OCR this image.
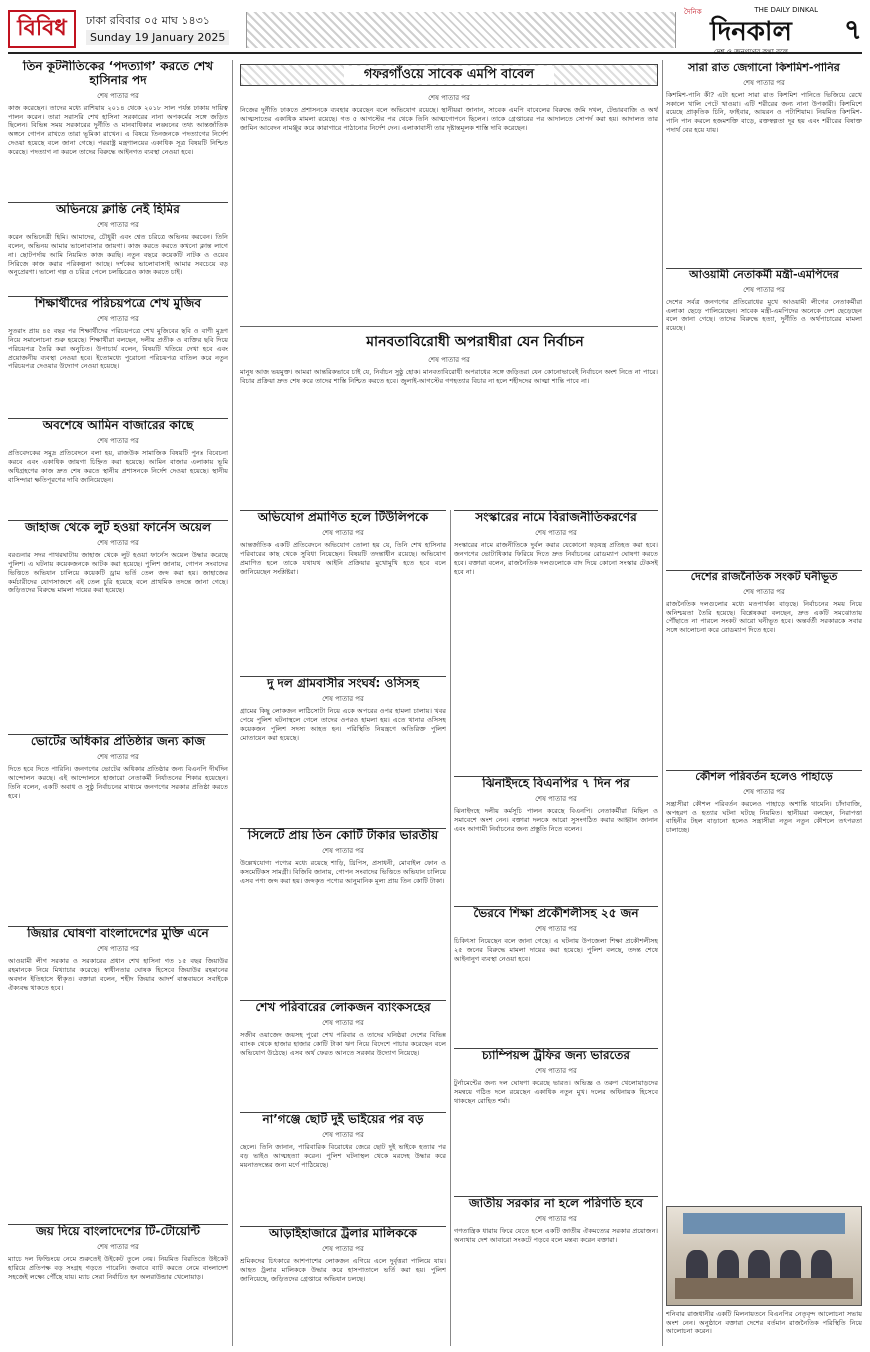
বিবিধ	ঢাকা রবিবার ০৫ মাঘ ১৪৩১
Sunday 19 January 2025
দৈনিক	THE DAILY DINKAL
দিনকাল
দেশ ও জনগণের কথা বলে
৭
তিন কূটনীতিকের ‘পদত্যাগ’ করতে শেখ হাসিনার পদ
শেষ পাতার পর

কাজ করেছেন। তাদের মধ্যে রাশিয়ায় ২০১৪ থেকে ২০১৮ সাল পর্যন্ত ঢাকায় দায়িত্ব পালন করেন। তারা সরাসরি শেখ হাসিনা সরকারের নানা অপকর্মের সঙ্গে জড়িত ছিলেন। বিভিন্ন সময় সরকারের দুর্নীতি ও মানবাধিকার লঙ্ঘনের তথ্য আন্তর্জাতিক অঙ্গনে গোপন রাখতে তারা ভূমিকা রাখেন। এ বিষয়ে তিনজনকে পদত্যাগের নির্দেশ দেওয়া হয়েছে বলে জানা গেছে। পররাষ্ট্র মন্ত্রণালয়ের একাধিক সূত্র বিষয়টি নিশ্চিত করেছে। পদত্যাগ না করলে তাদের বিরুদ্ধে আইনগত ব্যবস্থা নেওয়া হবে।

অভিনয়ে ক্লান্তি নেই হিমির
শেষ পাতার পর

করেন অভিনেত্রী হিমি। আমাদের, চৌধুরী এবং শ্বেত চরিত্রে অভিনয় করবেন। তিনি বলেন, অভিনয় আমার ভালোবাসার জায়গা। কাজ করতে করতে কখনো ক্লান্ত লাগে না। ছোটপর্দায় আমি নিয়মিত কাজ করছি। নতুন বছরে কয়েকটি নাটক ও ওয়েব সিরিজে কাজ করার পরিকল্পনা আছে। দর্শকের ভালোবাসাই আমার সবচেয়ে বড় অনুপ্রেরণা। ভালো গল্প ও চরিত্র পেলে চলচ্চিত্রেও কাজ করতে চাই।

শিক্ষার্থীদের পরিচয়পত্রে শেখ মুজিব
শেষ পাতার পর

সুতরাং প্রায় ৪৫ বছর পর শিক্ষার্থীদের পরিচয়পত্রে শেখ মুজিবের ছবি ও বাণী মুদ্রণ নিয়ে সমালোচনা শুরু হয়েছে। শিক্ষার্থীরা বলছেন, দলীয় প্রতীক ও ব্যক্তির ছবি দিয়ে পরিচয়পত্র তৈরি করা অনুচিত। উপাচার্য বলেন, বিষয়টি খতিয়ে দেখা হবে এবং প্রয়োজনীয় ব্যবস্থা নেওয়া হবে। ইতোমধ্যে পুরোনো পরিচয়পত্র বাতিল করে নতুন পরিচয়পত্র দেওয়ার উদ্যোগ নেওয়া হয়েছে।

অবশেষে আমিন বাজারের কাছে
শেষ পাতার পর

প্রতিবেদকের সমুদ্র প্রতিবেদনে বলা হয়, রাজউক সামাজিক বিষয়টি পুনঃ বিবেচনা করবে এবং একাধিক জায়গা চিহ্নিত করা হয়েছে। আমিন বাজার এলাকায় ভূমি অধিগ্রহণের কাজ দ্রুত শেষ করতে স্থানীয় প্রশাসনকে নির্দেশ দেওয়া হয়েছে। স্থানীয় বাসিন্দারা ক্ষতিপূরণের দাবি জানিয়েছেন।

জাহাজ থেকে লুট হওয়া ফার্নেস অয়েল
শেষ পাতার পর

বরগুনার সদর পাথরঘাটায় জাহাজ থেকে লুট হওয়া ফার্নেস অয়েল উদ্ধার করেছে পুলিশ। এ ঘটনায় কয়েকজনকে আটক করা হয়েছে। পুলিশ জানায়, গোপন সংবাদের ভিত্তিতে অভিযান চালিয়ে কয়েকটি ড্রাম ভর্তি তেল জব্দ করা হয়। জাহাজের কর্মচারীদের যোগসাজশে এই তেল চুরি হয়েছে বলে প্রাথমিক তদন্তে জানা গেছে। জড়িতদের বিরুদ্ধে মামলা দায়ের করা হয়েছে।

ভোটের অধিকার প্রতিষ্ঠার জন্য কাজ
শেষ পাতার পর

দিতে হবে দিতে পারিনি। জনগণের ভোটের অধিকার প্রতিষ্ঠার জন্য বিএনপি দীর্ঘদিন আন্দোলন করছে। এই আন্দোলনে হাজারো নেতাকর্মী নির্যাতনের শিকার হয়েছেন। তিনি বলেন, একটি অবাধ ও সুষ্ঠু নির্বাচনের মাধ্যমে জনগণের সরকার প্রতিষ্ঠা করতে হবে।

জিয়ার ঘোষণা বাংলাদেশের মুক্তি এনে
শেষ পাতার পর

আওয়ামী লীগ সরকার ও সরকারের প্রধান শেখ হাসিনা গত ১৫ বছর জিয়াউর রহমানকে নিয়ে মিথ্যাচার করেছে। স্বাধীনতার ঘোষক হিসেবে জিয়াউর রহমানের অবদান ইতিহাসে স্বীকৃত। বক্তারা বলেন, শহীদ জিয়ার আদর্শ বাস্তবায়নে সবাইকে ঐক্যবদ্ধ থাকতে হবে।

জয় দিয়ে বাংলাদেশের টি-টোয়েন্টি
শেষ পাতার পর

ম্যাচে দল ফিল্ডিংয়ে নেমে শুরুতেই উইকেট তুলে নেয়। নিয়মিত বিরতিতে উইকেট হারিয়ে প্রতিপক্ষ বড় সংগ্রহ গড়তে পারেনি। জবাবে ব্যাট করতে নেমে বাংলাদেশ সহজেই লক্ষ্যে পৌঁছে যায়। ম্যাচ সেরা নির্বাচিত হন অলরাউন্ডার খেলোয়াড়।

গফরগাঁওয়ে সাবেক এমপি বাবেল
শেষ পাতার পর

নিজের দুর্নীতি ঢাকতে প্রশাসনকে ব্যবহার করেছেন বলে অভিযোগ রয়েছে। স্থানীয়রা জানান, সাবেক এমপি বাবেলের বিরুদ্ধে জমি দখল, টেন্ডারবাজি ও অর্থ আত্মসাতের একাধিক মামলা রয়েছে। গত ৫ আগস্টের পর থেকে তিনি আত্মগোপনে ছিলেন। তাকে গ্রেপ্তারের পর আদালতে সোপর্দ করা হয়। আদালত তার জামিন আবেদন নামঞ্জুর করে কারাগারে পাঠানোর নির্দেশ দেন। এলাকাবাসী তার দৃষ্টান্তমূলক শাস্তি দাবি করেছেন।

মানবতাবিরোধী অপরাধীরা যেন নির্বাচন
শেষ পাতার পর

মানুষ আজ ভয়মুক্ত। আমরা আন্তরিকভাবে চাই যে, নির্বাচন সুষ্ঠু হোক। মানবতাবিরোধী অপরাধের সঙ্গে জড়িতরা যেন কোনোভাবেই নির্বাচনে অংশ নিতে না পারে। বিচার প্রক্রিয়া দ্রুত শেষ করে তাদের শাস্তি নিশ্চিত করতে হবে। জুলাই-আগস্টের গণহত্যার বিচার না হলে শহীদদের আত্মা শান্তি পাবে না।

অভিযোগ প্রমাণিত হলে টিউলিপকে
শেষ পাতার পর

আন্তর্জাতিক একটি প্রতিবেদনে অভিযোগ তোলা হয় যে, তিনি শেখ হাসিনার পরিবারের কাছ থেকে সুবিধা নিয়েছেন। বিষয়টি তদন্তাধীন রয়েছে। অভিযোগ প্রমাণিত হলে তাকে যথাযথ আইনি প্রক্রিয়ার মুখোমুখি হতে হবে বলে জানিয়েছেন সংশ্লিষ্টরা।

দু দল গ্রামবাসীর সংঘর্ষ: ওসিসহ
শেষ পাতার পর

গ্রামের কিছু লোকজন লাঠিসোটা নিয়ে একে অপরের ওপর হামলা চালায়। খবর পেয়ে পুলিশ ঘটনাস্থলে গেলে তাদের ওপরও হামলা হয়। এতে থানার ওসিসহ কয়েকজন পুলিশ সদস্য আহত হন। পরিস্থিতি নিয়ন্ত্রণে অতিরিক্ত পুলিশ মোতায়েন করা হয়েছে।

সিলেটে প্রায় তিন কোটি টাকার ভারতীয়
শেষ পাতার পর

উল্লেখযোগ্য পণ্যের মধ্যে রয়েছে শাড়ি, থ্রিপিস, প্রসাধনী, মোবাইল ফোন ও কসমেটিকস সামগ্রী। বিজিবি জানায়, গোপন সংবাদের ভিত্তিতে অভিযান চালিয়ে এসব পণ্য জব্দ করা হয়। জব্দকৃত পণ্যের আনুমানিক মূল্য প্রায় তিন কোটি টাকা।

শেখ পরিবারের লোকজন ব্যাংকসহের
শেষ পাতার পর

সজীব ওয়াজেদ জয়সহ পুরো শেখ পরিবার ও তাদের ঘনিষ্ঠরা দেশের বিভিন্ন ব্যাংক থেকে হাজার হাজার কোটি টাকা ঋণ নিয়ে বিদেশে পাচার করেছেন বলে অভিযোগ উঠেছে। এসব অর্থ ফেরত আনতে সরকার উদ্যোগ নিয়েছে।

না’গঞ্জে ছোট দুই ভাইয়ের পর বড়
শেষ পাতার পর

ছেলে। তিনি জানান, পারিবারিক বিরোধের জেরে ছোট দুই ভাইকে হত্যার পর বড় ভাইও আত্মহত্যা করেন। পুলিশ ঘটনাস্থল থেকে মরদেহ উদ্ধার করে ময়নাতদন্তের জন্য মর্গে পাঠিয়েছে।

আড়াইহাজারে ট্রলার মালিককে
শেষ পাতার পর

শ্রমিকদের চিৎকারে আশপাশের লোকজন এগিয়ে এলে দুর্বৃত্তরা পালিয়ে যায়। আহত ট্রলার মালিককে উদ্ধার করে হাসপাতালে ভর্তি করা হয়। পুলিশ জানিয়েছে, জড়িতদের গ্রেপ্তারে অভিযান চলছে।

সংস্কারের নামে বিরাজনীতিকরণের
শেষ পাতার পর

সংস্কারের নামে রাজনীতিকে দুর্বল করার যেকোনো ষড়যন্ত্র প্রতিহত করা হবে। জনগণের ভোটাধিকার ফিরিয়ে দিতে দ্রুত নির্বাচনের রোডম্যাপ ঘোষণা করতে হবে। বক্তারা বলেন, রাজনৈতিক দলগুলোকে বাদ দিয়ে কোনো সংস্কার টেকসই হবে না।

ঝিনাইদহে বিএনপির ৭ দিন পর
শেষ পাতার পর

ঝিনাইদহে দলীয় কর্মসূচি পালন করেছে বিএনপি। নেতাকর্মীরা মিছিল ও সমাবেশে অংশ নেন। বক্তারা দলকে আরো সুসংগঠিত করার আহ্বান জানান এবং আগামী নির্বাচনের জন্য প্রস্তুতি নিতে বলেন।

ভৈরবে শিক্ষা প্রকৌশলীসহ ২৫ জন
শেষ পাতার পর

চিকিৎসা নিয়েছেন বলে জানা গেছে। এ ঘটনায় উপজেলা শিক্ষা প্রকৌশলীসহ ২৫ জনের বিরুদ্ধে মামলা দায়ের করা হয়েছে। পুলিশ বলছে, তদন্ত শেষে আইনানুগ ব্যবস্থা নেওয়া হবে।

চ্যাম্পিয়ন্স ট্রফির জন্য ভারতের
শেষ পাতার পর

টুর্নামেন্টের জন্য দল ঘোষণা করেছে ভারত। অভিজ্ঞ ও তরুণ খেলোয়াড়দের সমন্বয়ে গঠিত দলে রয়েছেন একাধিক নতুন মুখ। দলের অধিনায়ক হিসেবে থাকছেন রোহিত শর্মা।

জাতীয় সরকার না হলে পরিণতি হবে
শেষ পাতার পর

গণতান্ত্রিক ধারায় ফিরে যেতে হলে একটি জাতীয় ঐকমত্যের সরকার প্রয়োজন। অন্যথায় দেশ আবারো সংকটে পড়বে বলে মন্তব্য করেন বক্তারা।

সারা রাত জেগানো কিশমিশ-পানির
শেষ পাতার পর

কিশমিশ-পানি কী? এটা হলো সারা রাত কিশমিশ পানিতে ভিজিয়ে রেখে সকালে খালি পেটে খাওয়া। এটি শরীরের জন্য নানা উপকারী। কিশমিশে রয়েছে প্রাকৃতিক চিনি, ফাইবার, আয়রন ও পটাশিয়াম। নিয়মিত কিশমিশ-পানি পান করলে হজমশক্তি বাড়ে, রক্তস্বল্পতা দূর হয় এবং শরীরের বিষাক্ত পদার্থ বের হয়ে যায়।

আওয়ামী নেতাকর্মী মন্ত্রী-এমপিদের
শেষ পাতার পর

দেশের সর্বত্র জনগণের প্রতিরোধের মুখে আওয়ামী লীগের নেতাকর্মীরা এলাকা ছেড়ে পালিয়েছেন। সাবেক মন্ত্রী-এমপিদের অনেকে দেশ ছেড়েছেন বলে জানা গেছে। তাদের বিরুদ্ধে হত্যা, দুর্নীতি ও অর্থপাচারের মামলা রয়েছে।

দেশের রাজনৈতিক সংকট ঘনীভূত
শেষ পাতার পর

রাজনৈতিক দলগুলোর মধ্যে মতপার্থক্য বাড়ছে। নির্বাচনের সময় নিয়ে অনিশ্চয়তা তৈরি হয়েছে। বিশ্লেষকরা বলছেন, দ্রুত একটি সমঝোতায় পৌঁছাতে না পারলে সংকট আরো ঘনীভূত হবে। অন্তর্বর্তী সরকারকে সবার সঙ্গে আলোচনা করে রোডম্যাপ দিতে হবে।

কৌশল পরিবর্তন হলেও পাহাড়ে
শেষ পাতার পর

সন্ত্রাসীরা কৌশল পরিবর্তন করলেও পাহাড়ে অশান্তি থামেনি। চাঁদাবাজি, অপহরণ ও হত্যার ঘটনা ঘটছে নিয়মিত। স্থানীয়রা বলছেন, নিরাপত্তা বাহিনীর টহল বাড়ানো হলেও সন্ত্রাসীরা নতুন নতুন কৌশলে তৎপরতা চালাচ্ছে।

শনিবার রাজধানীর একটি মিলনায়তনে বিএনপির নেতৃবৃন্দ আলোচনা সভায় অংশ নেন। অনুষ্ঠানে বক্তারা দেশের বর্তমান রাজনৈতিক পরিস্থিতি নিয়ে আলোচনা করেন।
